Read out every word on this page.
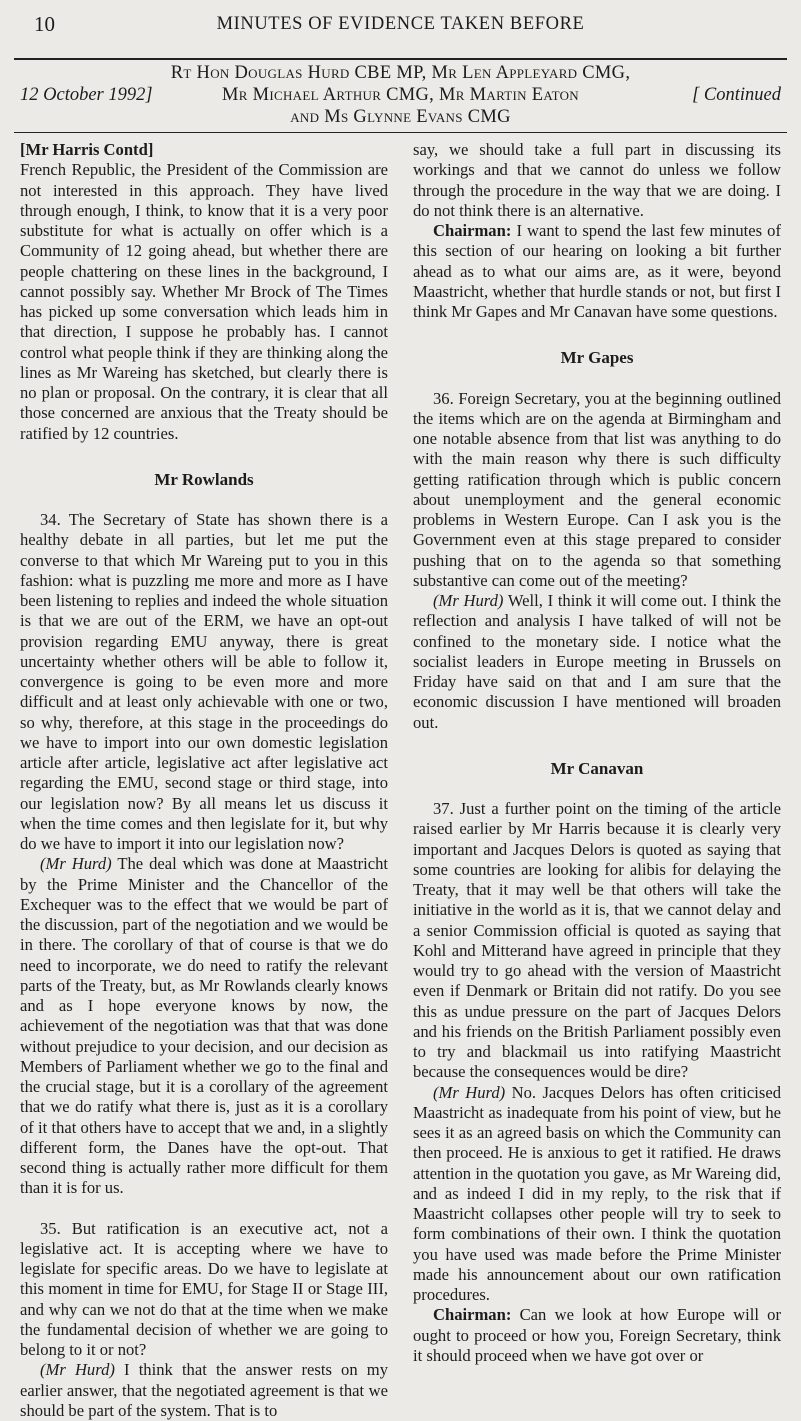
10	MINUTES OF EVIDENCE TAKEN BEFORE
Rt Hon Douglas Hurd CBE MP, Mr Len Appleyard CMG,
Mr Michael Arthur CMG, Mr Martin Eaton
and Ms Glynne Evans CMG
12 October 1992]	[ Continued

[Mr Harris Contd]

French Republic, the President of the Commission are not interested in this approach. They have lived through enough, I think, to know that it is a very poor substitute for what is actually on offer which is a Community of 12 going ahead, but whether there are people chattering on these lines in the background, I cannot possibly say. Whether Mr Brock of The Times has picked up some conversation which leads him in that direction, I suppose he probably has. I cannot control what people think if they are thinking along the lines as Mr Wareing has sketched, but clearly there is no plan or proposal. On the contrary, it is clear that all those concerned are anxious that the Treaty should be ratified by 12 countries.

Mr Rowlands

34. The Secretary of State has shown there is a healthy debate in all parties, but let me put the converse to that which Mr Wareing put to you in this fashion: what is puzzling me more and more as I have been listening to replies and indeed the whole situation is that we are out of the ERM, we have an opt-out provision regarding EMU anyway, there is great uncertainty whether others will be able to follow it, convergence is going to be even more and more difficult and at least only achievable with one or two, so why, therefore, at this stage in the proceedings do we have to import into our own domestic legislation article after article, legislative act after legislative act regarding the EMU, second stage or third stage, into our legislation now? By all means let us discuss it when the time comes and then legislate for it, but why do we have to import it into our legislation now?

(Mr Hurd) The deal which was done at Maastricht by the Prime Minister and the Chancellor of the Exchequer was to the effect that we would be part of the discussion, part of the negotiation and we would be in there. The corollary of that of course is that we do need to incorporate, we do need to ratify the relevant parts of the Treaty, but, as Mr Rowlands clearly knows and as I hope everyone knows by now, the achievement of the negotiation was that that was done without prejudice to your decision, and our decision as Members of Parliament whether we go to the final and the crucial stage, but it is a corollary of the agreement that we do ratify what there is, just as it is a corollary of it that others have to accept that we and, in a slightly different form, the Danes have the opt-out. That second thing is actually rather more difficult for them than it is for us.

35. But ratification is an executive act, not a legislative act. It is accepting where we have to legislate for specific areas. Do we have to legislate at this moment in time for EMU, for Stage II or Stage III, and why can we not do that at the time when we make the fundamental decision of whether we are going to belong to it or not?

(Mr Hurd) I think that the answer rests on my earlier answer, that the negotiated agreement is that we should be part of the system. That is to

say, we should take a full part in discussing its workings and that we cannot do unless we follow through the procedure in the way that we are doing. I do not think there is an alternative.

Chairman: I want to spend the last few minutes of this section of our hearing on looking a bit further ahead as to what our aims are, as it were, beyond Maastricht, whether that hurdle stands or not, but first I think Mr Gapes and Mr Canavan have some questions.

Mr Gapes

36. Foreign Secretary, you at the beginning outlined the items which are on the agenda at Birmingham and one notable absence from that list was anything to do with the main reason why there is such difficulty getting ratification through which is public concern about unemployment and the general economic problems in Western Europe. Can I ask you is the Government even at this stage prepared to consider pushing that on to the agenda so that something substantive can come out of the meeting?

(Mr Hurd) Well, I think it will come out. I think the reflection and analysis I have talked of will not be confined to the monetary side. I notice what the socialist leaders in Europe meeting in Brussels on Friday have said on that and I am sure that the economic discussion I have mentioned will broaden out.

Mr Canavan

37. Just a further point on the timing of the article raised earlier by Mr Harris because it is clearly very important and Jacques Delors is quoted as saying that some countries are looking for alibis for delaying the Treaty, that it may well be that others will take the initiative in the world as it is, that we cannot delay and a senior Commission official is quoted as saying that Kohl and Mitterand have agreed in principle that they would try to go ahead with the version of Maastricht even if Denmark or Britain did not ratify. Do you see this as undue pressure on the part of Jacques Delors and his friends on the British Parliament possibly even to try and blackmail us into ratifying Maastricht because the consequences would be dire?

(Mr Hurd) No. Jacques Delors has often criticised Maastricht as inadequate from his point of view, but he sees it as an agreed basis on which the Community can then proceed. He is anxious to get it ratified. He draws attention in the quotation you gave, as Mr Wareing did, and as indeed I did in my reply, to the risk that if Maastricht collapses other people will try to seek to form combinations of their own. I think the quotation you have used was made before the Prime Minister made his announcement about our own ratification procedures.

Chairman: Can we look at how Europe will or ought to proceed or how you, Foreign Secretary, think it should proceed when we have got over or
